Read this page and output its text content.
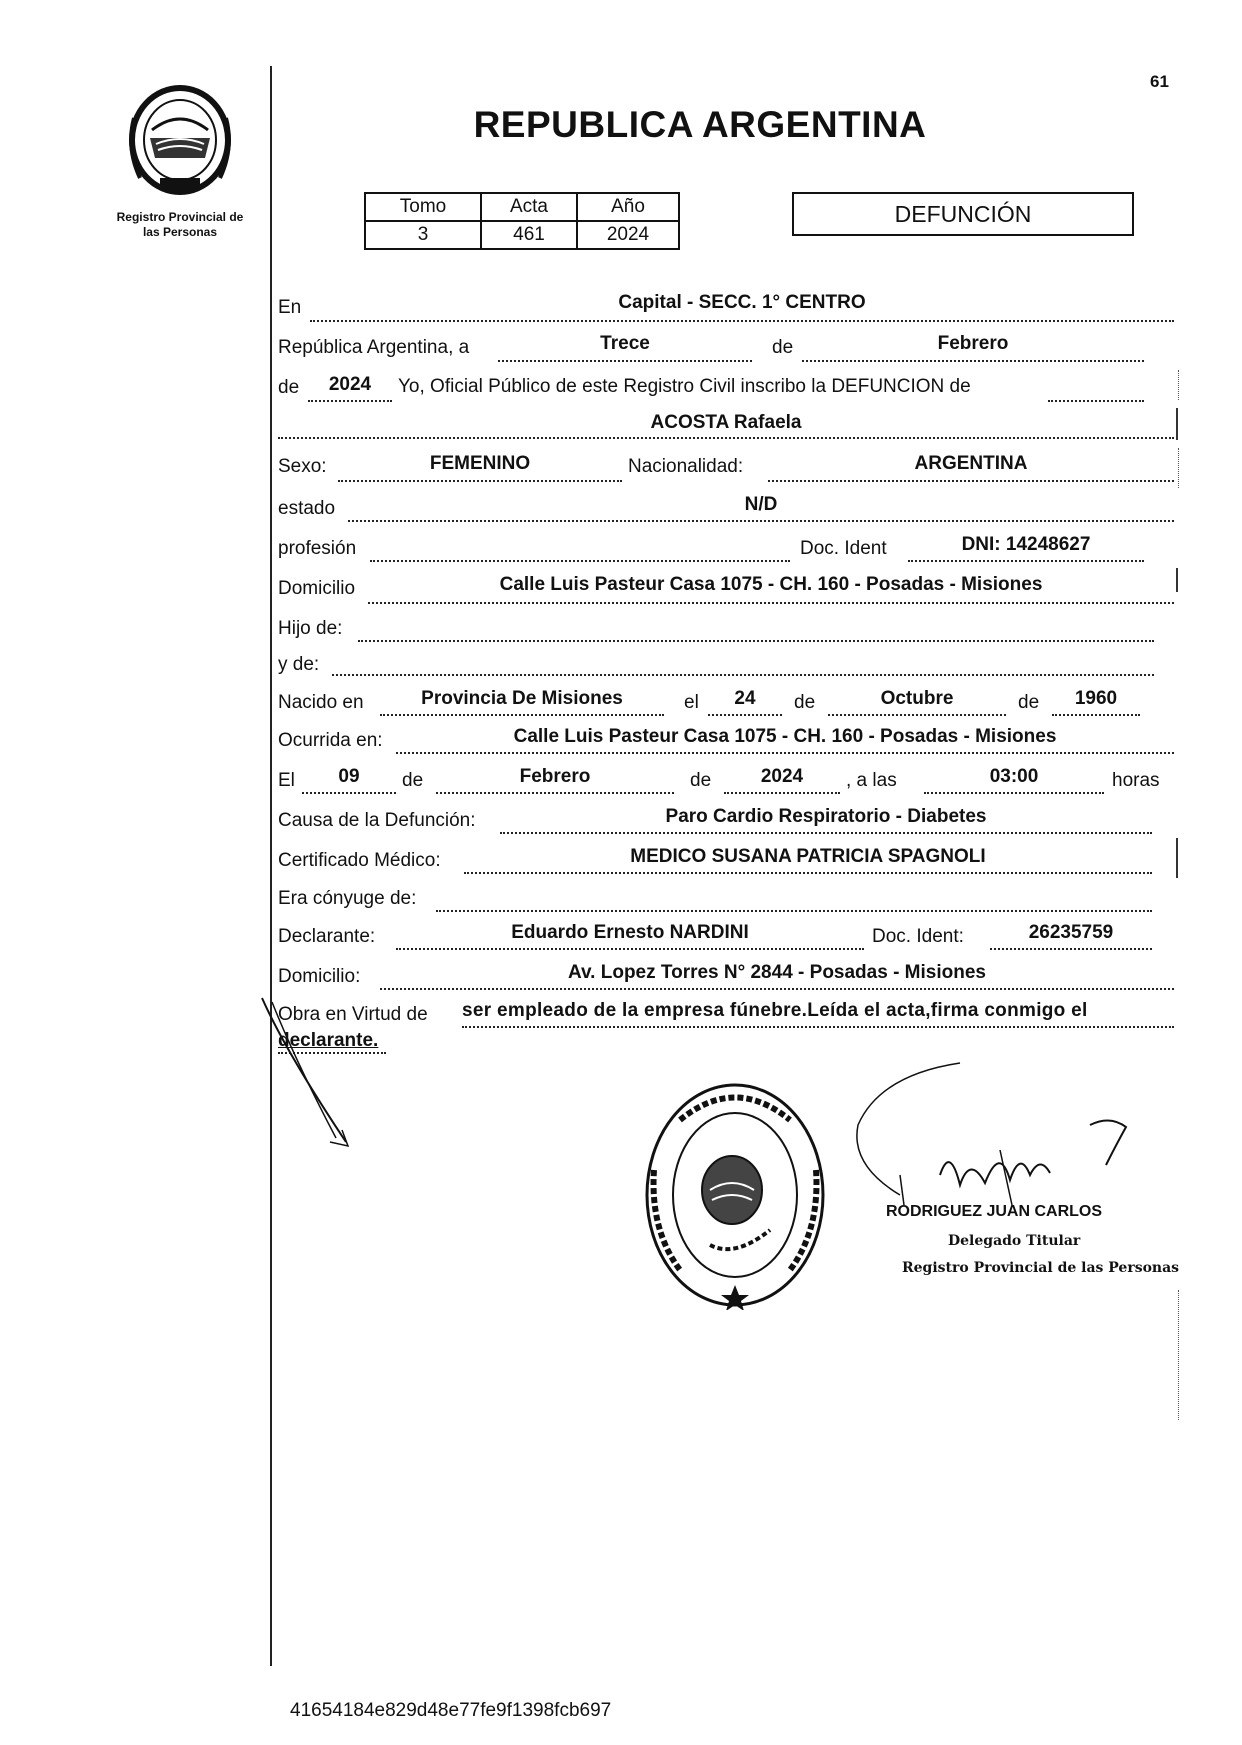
Registro Provincial de
las Personas
61
REPUBLICA ARGENTINA
Tomo	Acta	Año
3	461	2024
DEFUNCIÓN
En	Capital - SECC. 1° CENTRO
República Argentina, a	Trece	de	Febrero
de	2024	Yo, Oficial Público de este Registro Civil inscribo la DEFUNCION de
ACOSTA Rafaela
Sexo:	FEMENINO	Nacionalidad:	ARGENTINA
estado	N/D
profesión	Doc. Ident	DNI: 14248627
Domicilio	Calle Luis Pasteur Casa 1075 - CH. 160 - Posadas - Misiones
Hijo de:
y de:
Nacido en	Provincia De Misiones	el	24	de	Octubre	de	1960
Ocurrida en:	Calle Luis Pasteur Casa 1075 - CH. 160 - Posadas - Misiones
El	09	de	Febrero	de	2024	, a las	03:00	horas
Causa de la Defunción:	Paro Cardio Respiratorio - Diabetes
Certificado Médico:	MEDICO SUSANA PATRICIA SPAGNOLI
Era cónyuge de:
Declarante:	Eduardo Ernesto NARDINI	Doc. Ident:	26235759
Domicilio:	Av. Lopez Torres N° 2844 - Posadas - Misiones
Obra en Virtud de ser empleado de la empresa fúnebre.Leída el acta,firma conmigo el
declarante.
RODRIGUEZ JUAN CARLOS
Delegado Titular
Registro Provincial de las Personas
41654184e829d48e77fe9f1398fcb697
